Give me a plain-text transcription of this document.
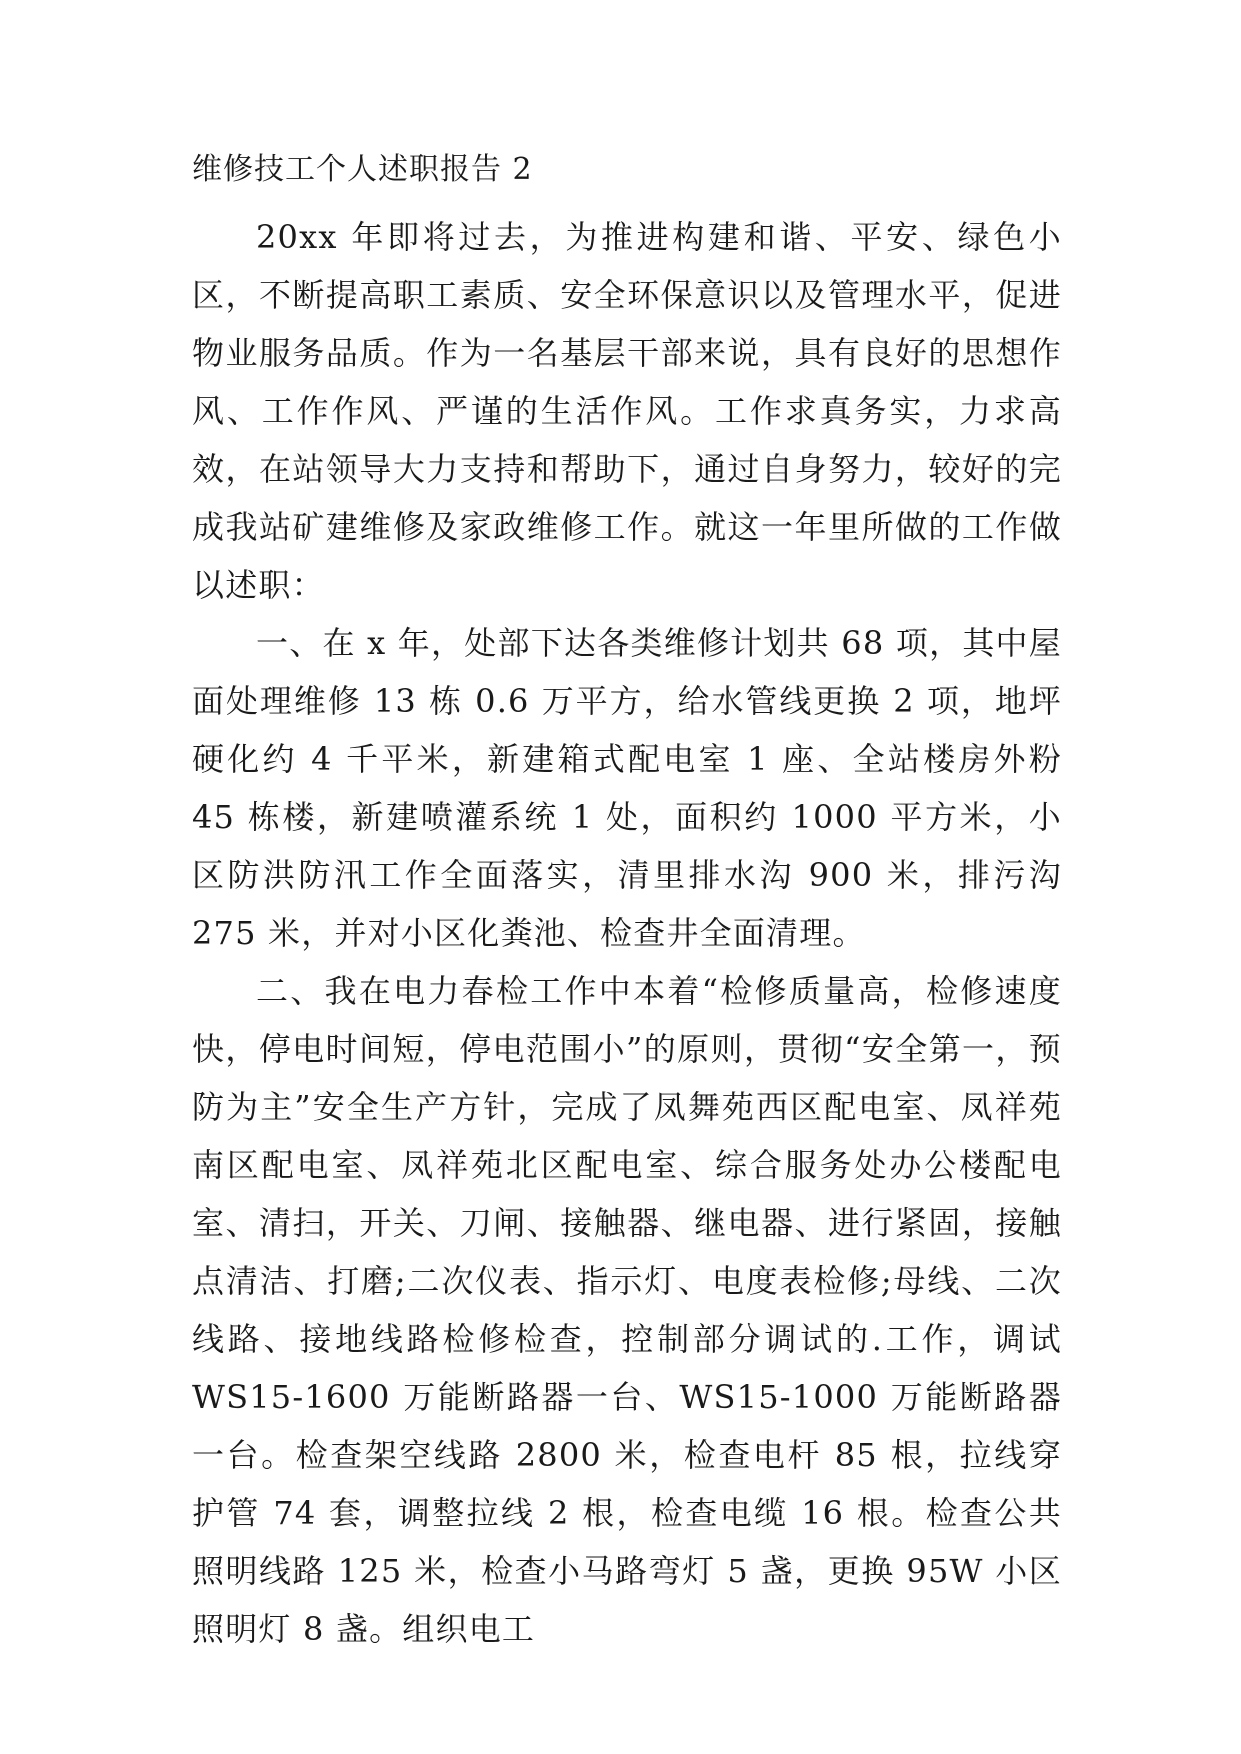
维修技工个人述职报告 2

20xx 年即将过去，为推进构建和谐、平安、绿色小区，不断提高职工素质、安全环保意识以及管理水平，促进物业服务品质。作为一名基层干部来说，具有良好的思想作风、工作作风、严谨的生活作风。工作求真务实，力求高效，在站领导大力支持和帮助下，通过自身努力，较好的完成我站矿建维修及家政维修工作。就这一年里所做的工作做以述职：

一、在 x 年，处部下达各类维修计划共 68 项，其中屋面处理维修 13 栋 0.6 万平方，给水管线更换 2 项，地坪硬化约 4 千平米，新建箱式配电室 1 座、全站楼房外粉 45 栋楼，新建喷灌系统 1 处，面积约 1000 平方米，小区防洪防汛工作全面落实，清里排水沟 900 米，排污沟 275 米，并对小区化粪池、检查井全面清理。

二、我在电力春检工作中本着“检修质量高，检修速度快，停电时间短，停电范围小”的原则，贯彻“安全第一，预防为主”安全生产方针，完成了凤舞苑西区配电室、凤祥苑南区配电室、凤祥苑北区配电室、综合服务处办公楼配电室、清扫，开关、刀闸、接触器、继电器、进行紧固，接触点清洁、打磨;二次仪表、指示灯、电度表检修;母线、二次线路、接地线路检修检查，控制部分调试的.工作，调试 WS15-1600 万能断路器一台、WS15-1000 万能断路器一台。检查架空线路 2800 米，检查电杆 85 根，拉线穿护管 74 套，调整拉线 2 根，检查电缆 16 根。检查公共照明线路 125 米，检查小马路弯灯 5 盏，更换 95W 小区照明灯 8 盏。组织电工
